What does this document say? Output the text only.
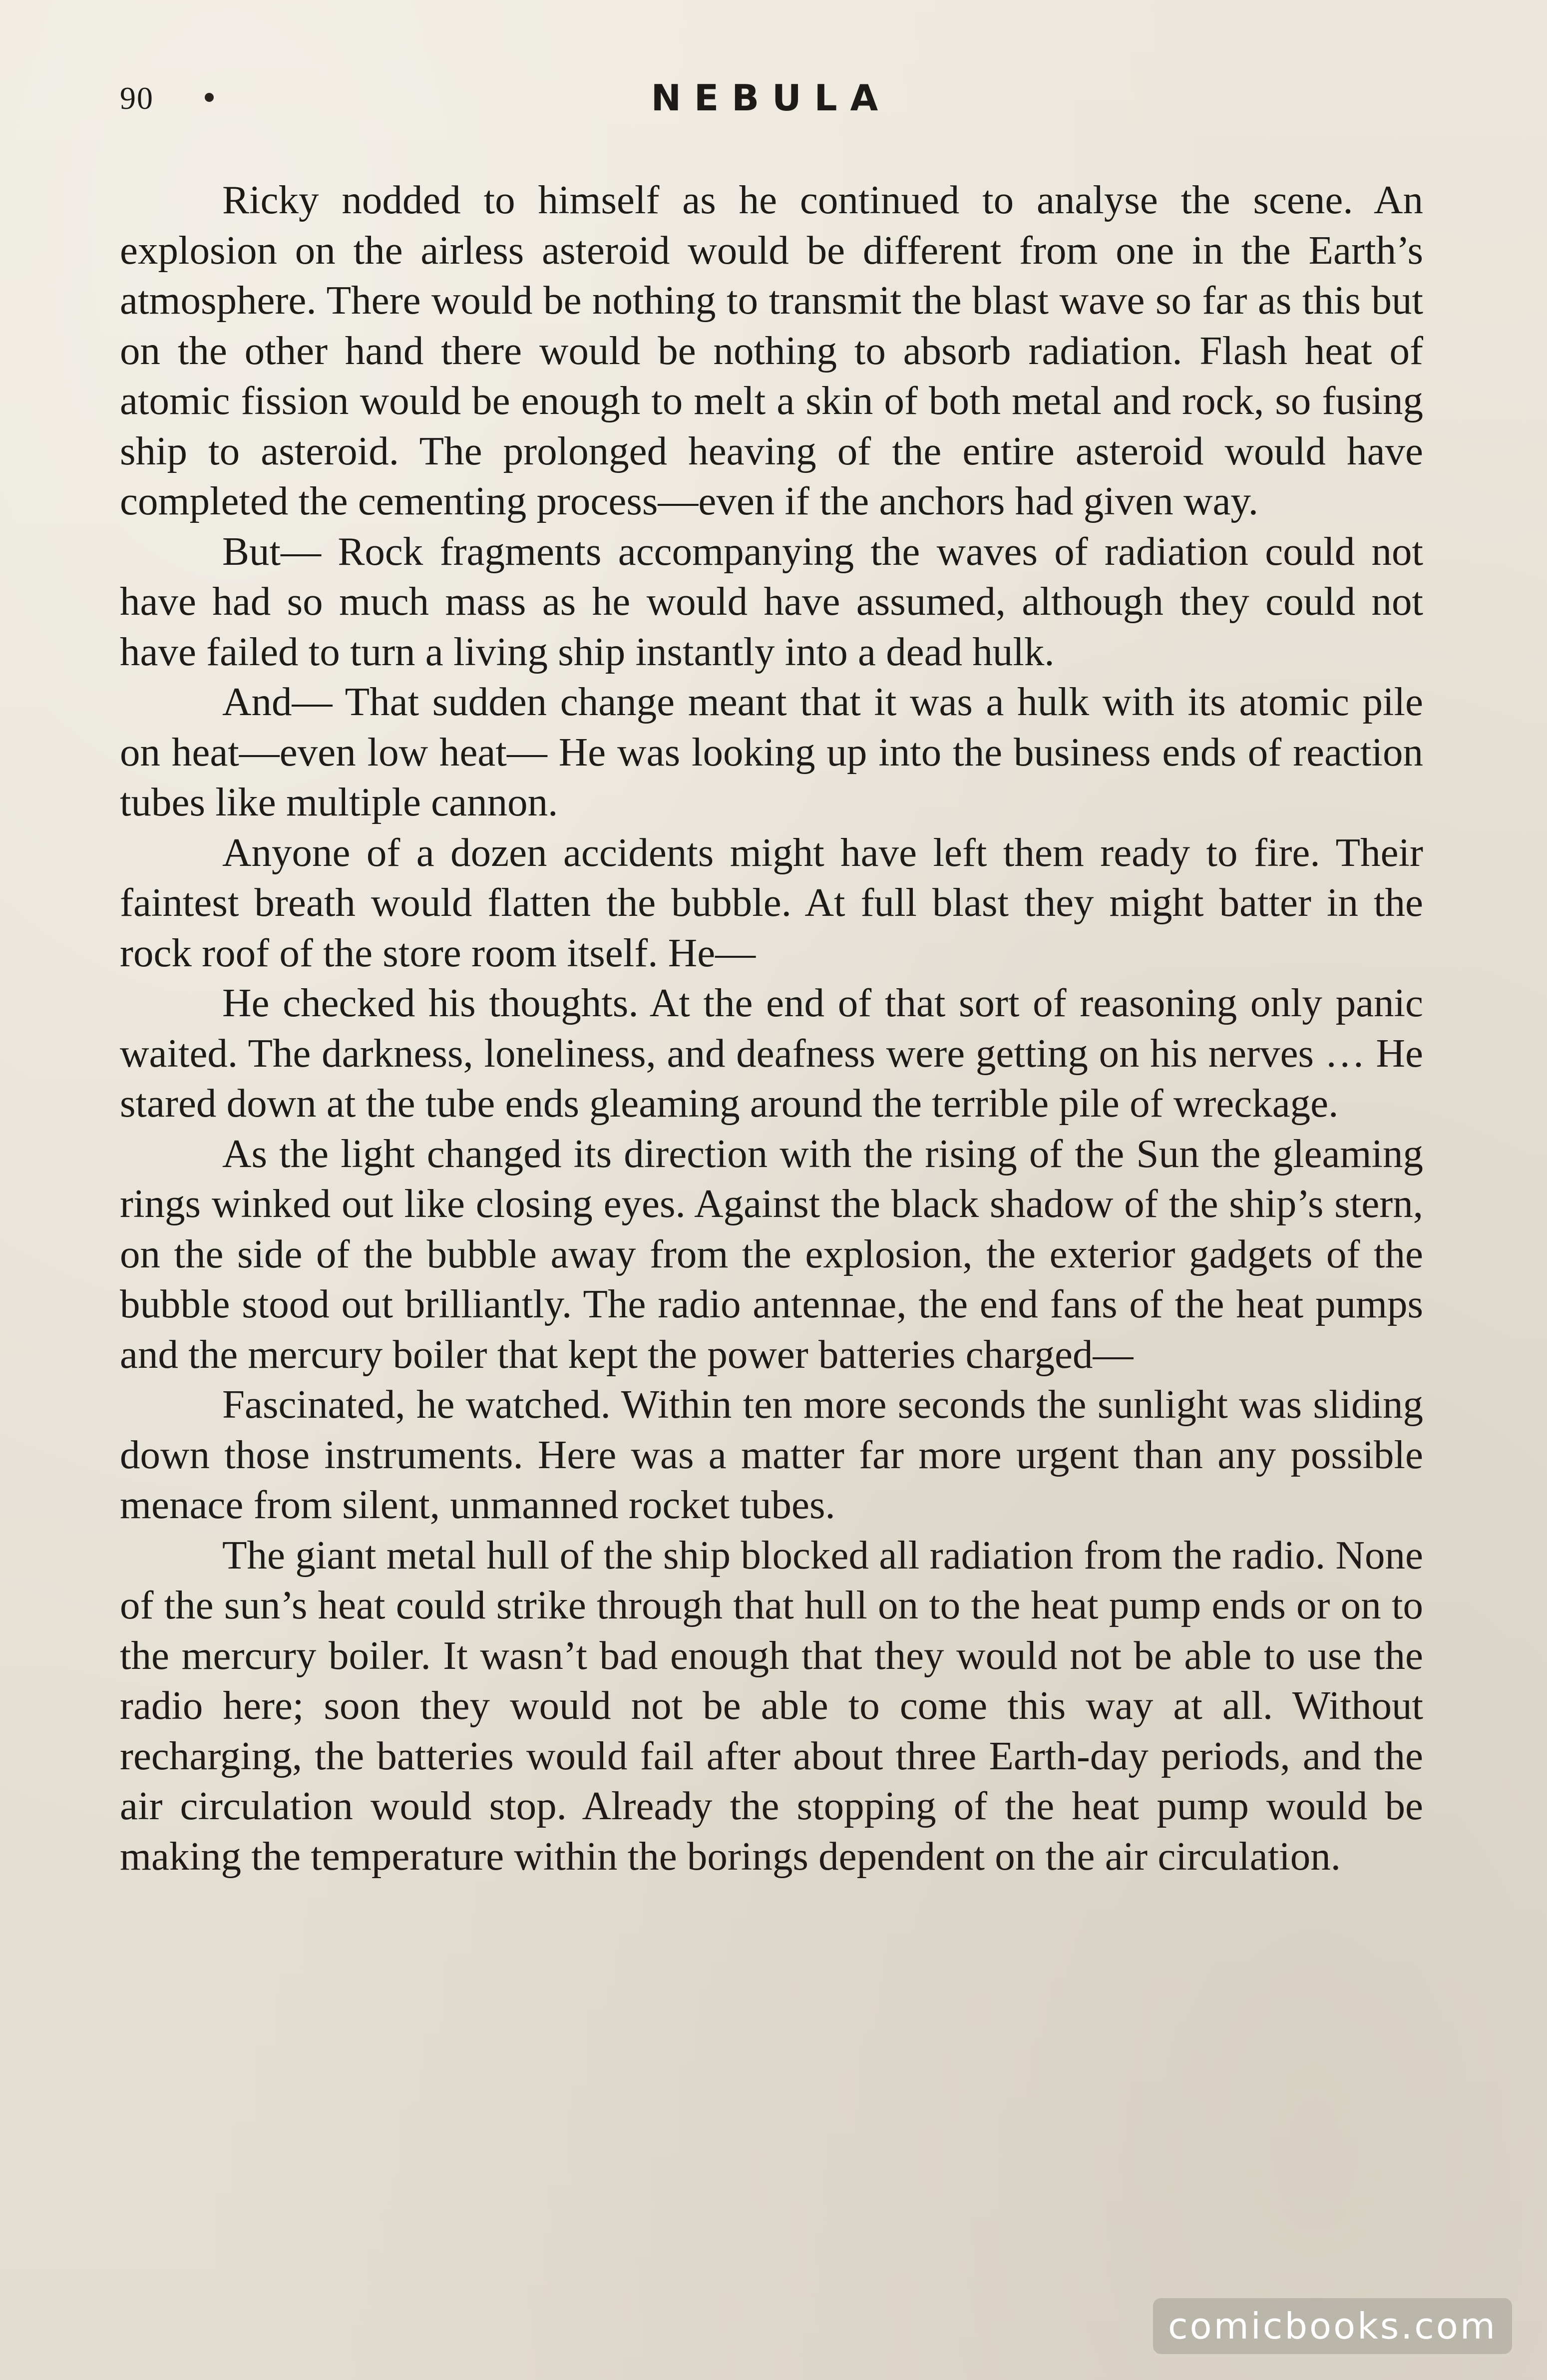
90	NEBULA

Ricky nodded to himself as he continued to analyse the scene. An explosion on the airless asteroid would be different from one in the Earth’s atmosphere. There would be nothing to transmit the blast wave so far as this but on the other hand there would be nothing to absorb radiation. Flash heat of atomic fission would be enough to melt a skin of both metal and rock, so fusing ship to asteroid. The prolonged heaving of the entire asteroid would have completed the cementing process—even if the anchors had given way.

But— Rock fragments accompanying the waves of radiation could not have had so much mass as he would have assumed, although they could not have failed to turn a living ship instantly into a dead hulk.

And— That sudden change meant that it was a hulk with its atomic pile on heat—even low heat— He was looking up into the business ends of reaction tubes like multiple cannon.

Anyone of a dozen accidents might have left them ready to fire. Their faintest breath would flatten the bubble. At full blast they might batter in the rock roof of the store room itself. He—

He checked his thoughts. At the end of that sort of reasoning only panic waited. The darkness, loneliness, and deafness were getting on his nerves … He stared down at the tube ends gleaming around the terrible pile of wreckage.

As the light changed its direction with the rising of the Sun the gleaming rings winked out like closing eyes. Against the black shadow of the ship’s stern, on the side of the bubble away from the explosion, the exterior gadgets of the bubble stood out brilliantly. The radio antennae, the end fans of the heat pumps and the mercury boiler that kept the power batteries charged—

Fascinated, he watched. Within ten more seconds the sunlight was sliding down those instruments. Here was a matter far more urgent than any possible menace from silent, unmanned rocket tubes.

The giant metal hull of the ship blocked all radiation from the radio. None of the sun’s heat could strike through that hull on to the heat pump ends or on to the mercury boiler. It wasn’t bad enough that they would not be able to use the radio here; soon they would not be able to come this way at all. Without recharging, the batteries would fail after about three Earth-day periods, and the air circulation would stop. Already the stopping of the heat pump would be making the temperature within the borings dependent on the air circulation.

comicbooks.com
